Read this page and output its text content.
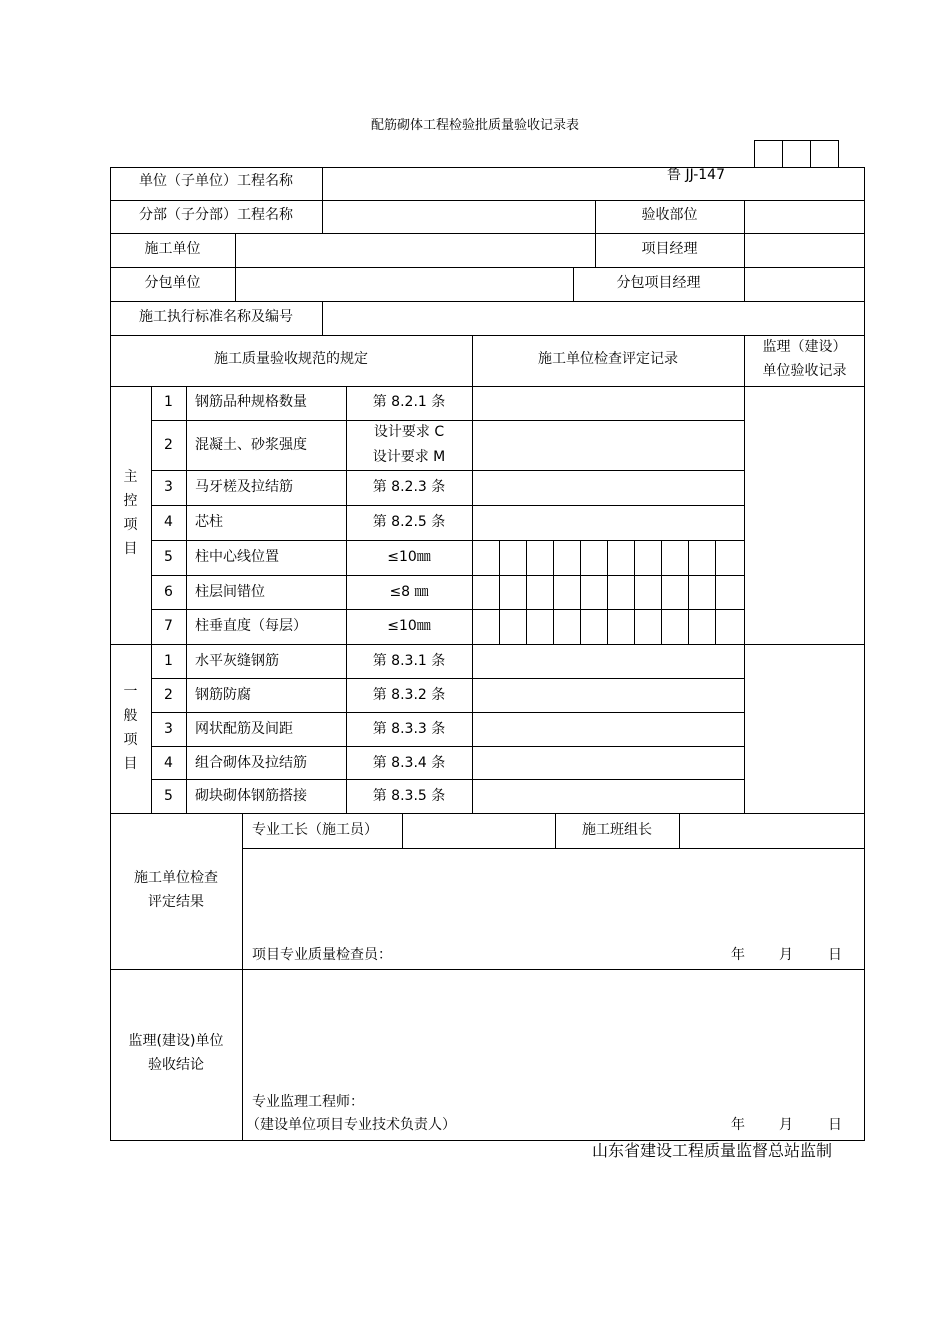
配筋砌体工程检验批质量验收记录表
鲁 JJ-147
单位（子单位）工程名称
分部（子分部）工程名称	验收部位
施工单位	项目经理
分包单位	分包项目经理
施工执行标准名称及编号
施工质量验收规范的规定	施工单位检查评定记录
监理（建设）
单位验收记录
主
控
项
目
1	钢筋品种规格数量	第 8.2.1 条
2	混凝土、砂浆强度
设计要求 C
设计要求 M
3	马牙槎及拉结筋	第 8.2.3 条
4	芯柱	第 8.2.5 条
5	柱中心线位置	≤10㎜
6	柱层间错位	≤8 ㎜
7	柱垂直度（每层）	≤10㎜
一
般
项
目
1	水平灰缝钢筋	第 8.3.1 条
2	钢筋防腐	第 8.3.2 条
3	网状配筋及间距	第 8.3.3 条
4	组合砌体及拉结筋	第 8.3.4 条
5	砌块砌体钢筋搭接	第 8.3.5 条
专业工长（施工员）	施工班组长
施工单位检查
评定结果
项目专业质量检查员：	年 月	日
监理(建设)单位
验收结论
专业监理工程师：
（建设单位项目专业技术负责人）	年 月	日
山东省建设工程质量监督总站监制
